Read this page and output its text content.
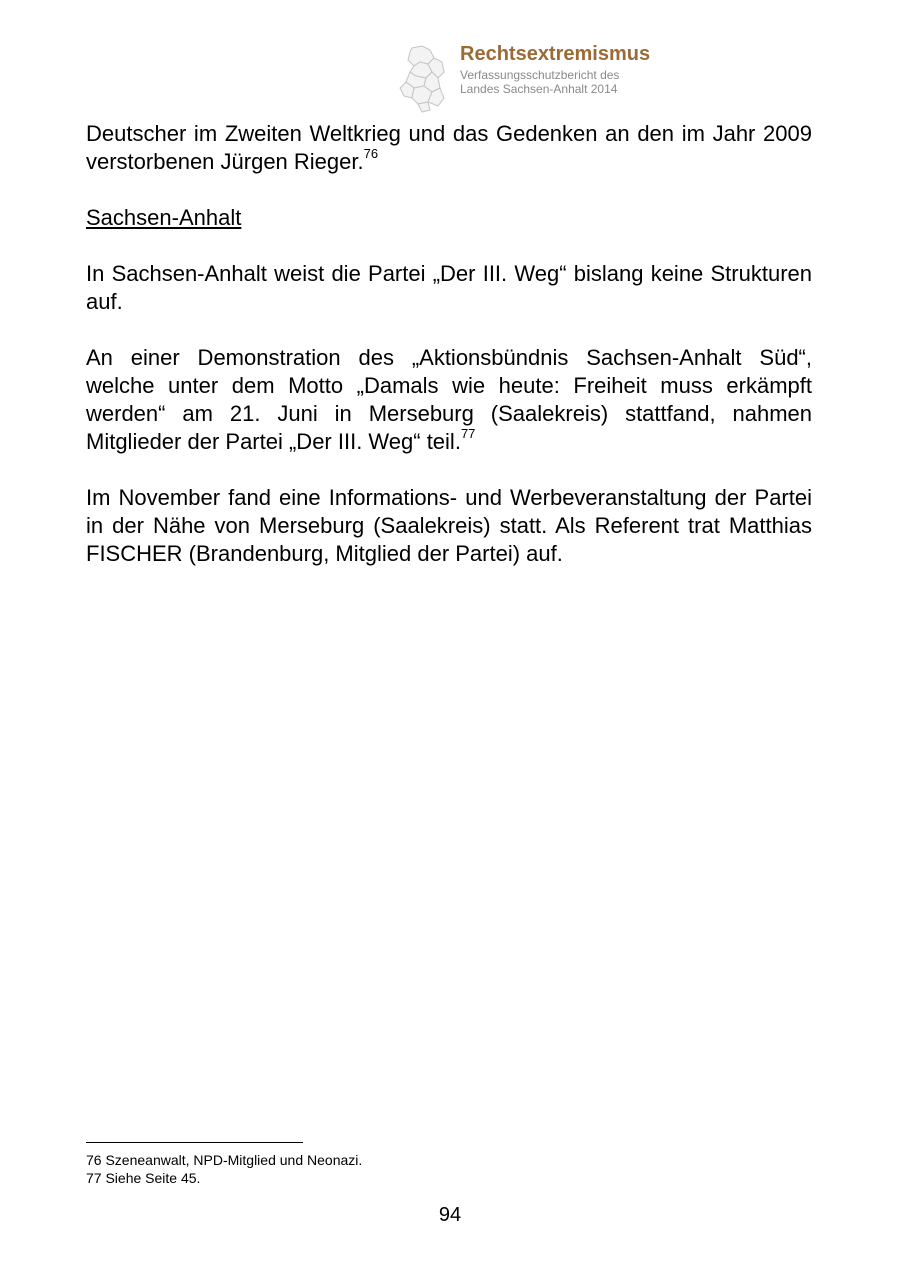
Rechtsextremismus
Verfassungsschutzbericht des
Landes Sachsen-Anhalt 2014

Deutscher im Zweiten Weltkrieg und das Gedenken an den im Jahr 2009 verstorbenen Jürgen Rieger.$^{76}$

Sachsen-Anhalt

In Sachsen-Anhalt weist die Partei „Der III. Weg“ bislang keine Strukturen auf.

An einer Demonstration des „Aktionsbündnis Sachsen-Anhalt Süd“, welche unter dem Motto „Damals wie heute: Freiheit muss erkämpft werden“ am 21. Juni in Merseburg (Saalekreis) stattfand, nahmen Mitglieder der Partei „Der III. Weg“ teil.$^{77}$

Im November fand eine Informations- und Werbeveranstaltung der Partei in der Nähe von Merseburg (Saalekreis) statt. Als Referent trat Matthias FISCHER (Brandenburg, Mitglied der Partei) auf.

76 Szeneanwalt, NPD-Mitglied und Neonazi.
77 Siehe Seite 45.
94
